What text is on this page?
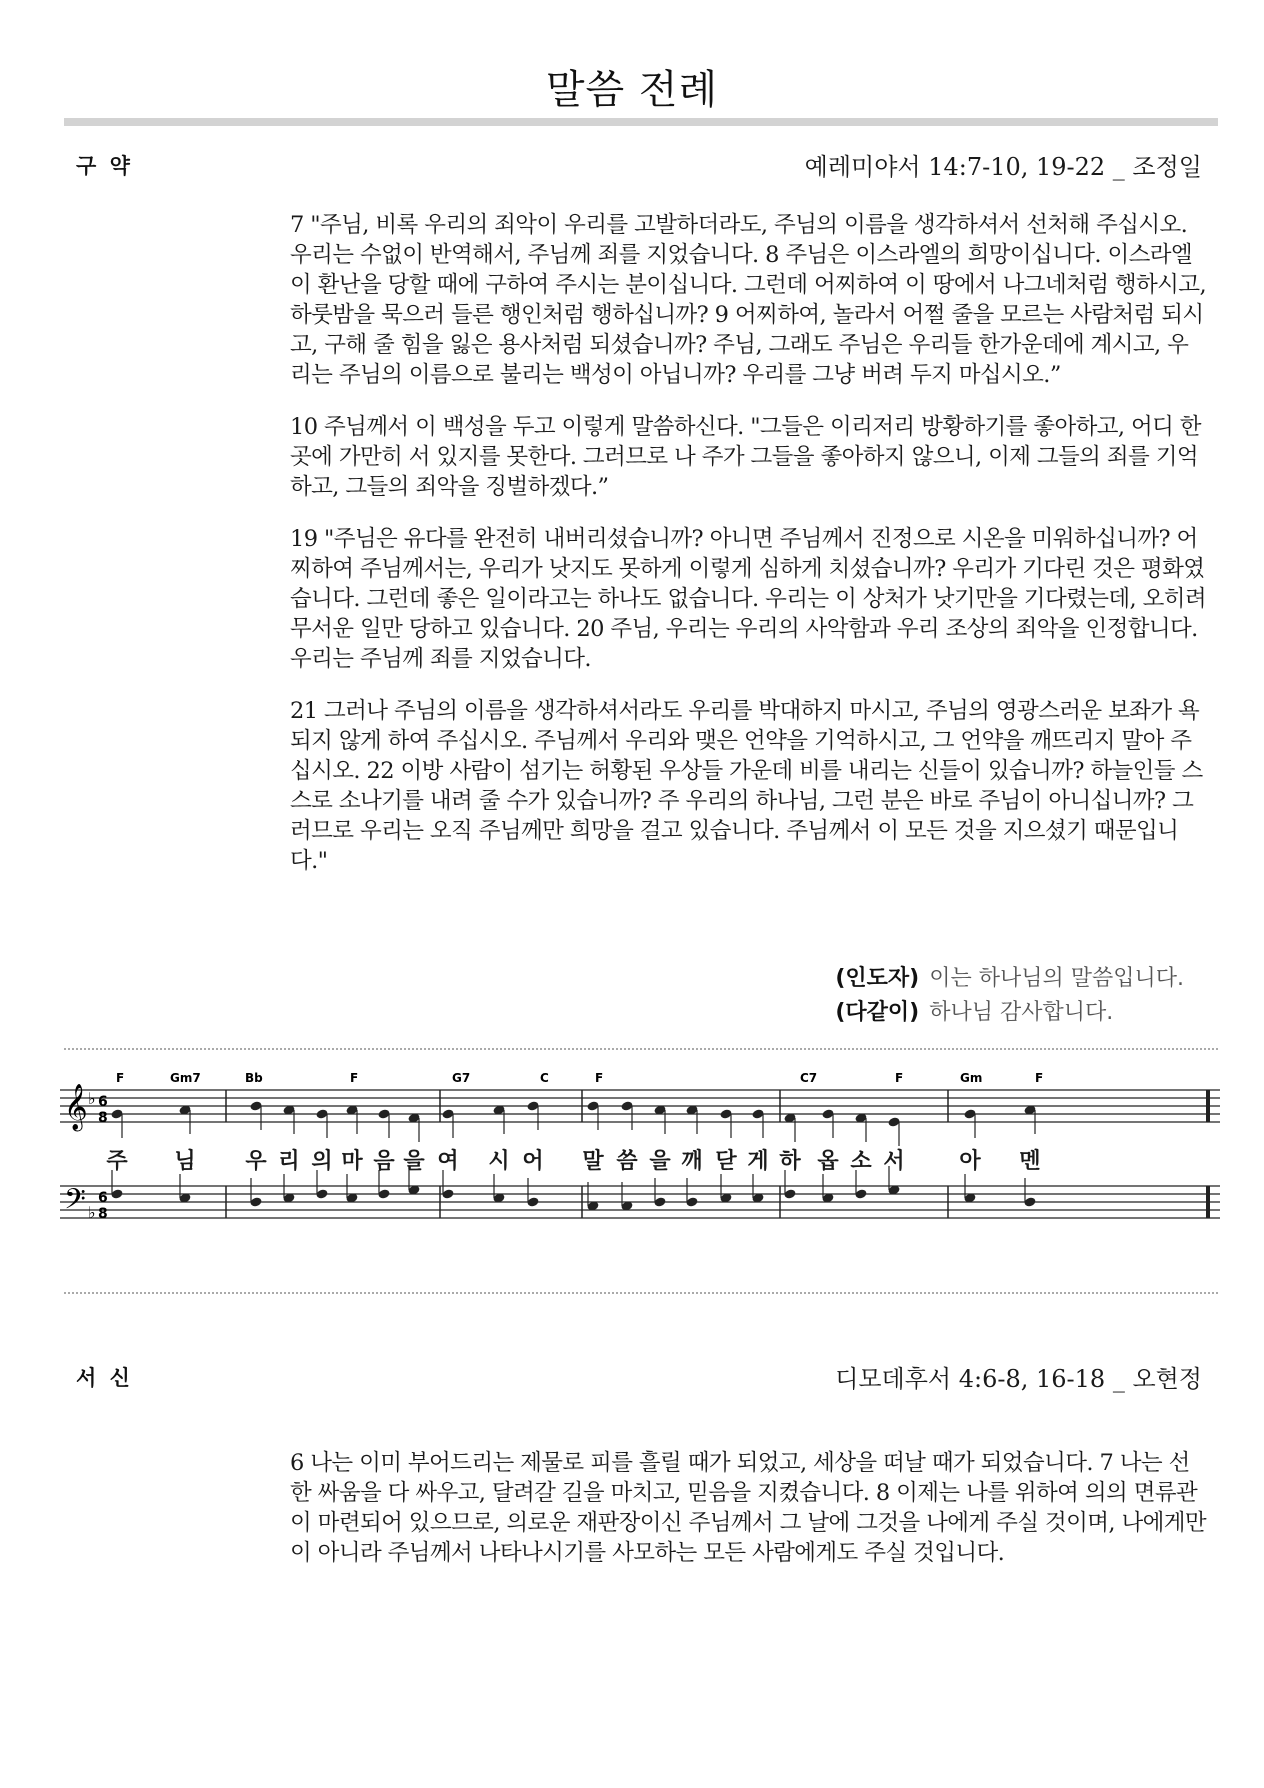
말씀 전례
구 약	예레미야서 14:7-10, 19-22 _ 조정일

7 "주님, 비록 우리의 죄악이 우리를 고발하더라도, 주님의 이름을 생각하셔서 선처해 주십시오. 우리는 수없이 반역해서, 주님께 죄를 지었습니다. 8 주님은 이스라엘의 희망이십니다. 이스라엘이 환난을 당할 때에 구하여 주시는 분이십니다. 그런데 어찌하여 이 땅에서 나그네처럼 행하시고, 하룻밤을 묵으러 들른 행인처럼 행하십니까? 9 어찌하여, 놀라서 어쩔 줄을 모르는 사람처럼 되시고, 구해 줄 힘을 잃은 용사처럼 되셨습니까? 주님, 그래도 주님은 우리들 한가운데에 계시고, 우리는 주님의 이름으로 불리는 백성이 아닙니까? 우리를 그냥 버려 두지 마십시오.”

10 주님께서 이 백성을 두고 이렇게 말씀하신다. "그들은 이리저리 방황하기를 좋아하고, 어디 한 곳에 가만히 서 있지를 못한다. 그러므로 나 주가 그들을 좋아하지 않으니, 이제 그들의 죄를 기억하고, 그들의 죄악을 징벌하겠다.”

19 "주님은 유다를 완전히 내버리셨습니까? 아니면 주님께서 진정으로 시온을 미워하십니까? 어찌하여 주님께서는, 우리가 낫지도 못하게 이렇게 심하게 치셨습니까? 우리가 기다린 것은 평화였습니다. 그런데 좋은 일이라고는 하나도 없습니다. 우리는 이 상처가 낫기만을 기다렸는데, 오히려 무서운 일만 당하고 있습니다. 20 주님, 우리는 우리의 사악함과 우리 조상의 죄악을 인정합니다. 우리는 주님께 죄를 지었습니다.

21 그러나 주님의 이름을 생각하셔서라도 우리를 박대하지 마시고, 주님의 영광스러운 보좌가 욕되지 않게 하여 주십시오. 주님께서 우리와 맺은 언약을 기억하시고, 그 언약을 깨뜨리지 말아 주십시오. 22 이방 사람이 섬기는 허황된 우상들 가운데 비를 내리는 신들이 있습니까? 하늘인들 스스로 소나기를 내려 줄 수가 있습니까? 주 우리의 하나님, 그런 분은 바로 주님이 아니십니까? 그러므로 우리는 오직 주님께만 희망을 걸고 있습니다. 주님께서 이 모든 것을 지으셨기 때문입니다."

(인도자) 이는 하나님의 말씀입니다.
(다같이) 하나님 감사합니다.
𝄞
𝄢
♭
♭
6
8
6
8
F	Gm7	Bb	F	G7	C	F	C7	F	Gm	F
주 님 우 리 의 마 음 을 여 시 어 말 씀 을 깨 닫 게 하 옵 소 서 아 멘
서 신	디모데후서 4:6-8, 16-18 _ 오현정

6 나는 이미 부어드리는 제물로 피를 흘릴 때가 되었고, 세상을 떠날 때가 되었습니다. 7 나는 선한 싸움을 다 싸우고, 달려갈 길을 마치고, 믿음을 지켰습니다. 8 이제는 나를 위하여 의의 면류관이 마련되어 있으므로, 의로운 재판장이신 주님께서 그 날에 그것을 나에게 주실 것이며, 나에게만이 아니라 주님께서 나타나시기를 사모하는 모든 사람에게도 주실 것입니다.
